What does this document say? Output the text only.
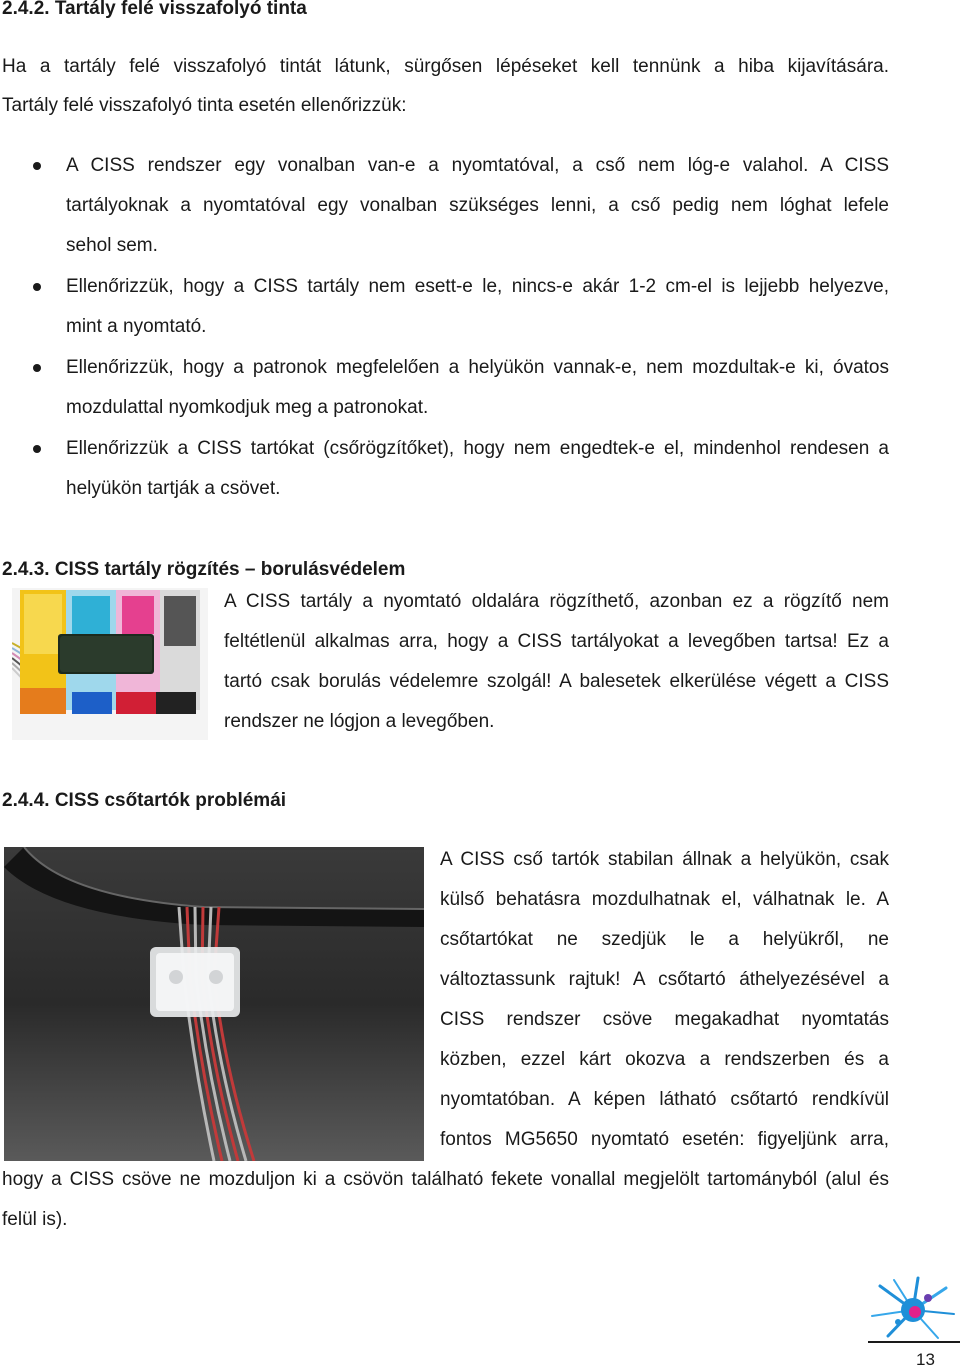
2.4.2. Tartály felé visszafolyó tinta
Ha a tartály felé visszafolyó tintát látunk, sürgősen lépéseket kell tennünk a hiba kijavítására.
Tartály felé visszafolyó tinta esetén ellenőrizzük:
A CISS rendszer egy vonalban van-e a nyomtatóval, a cső nem lóg-e valahol. A CISS
tartályoknak a nyomtatóval egy vonalban szükséges lenni, a cső pedig nem lóghat lefele
sehol sem.
Ellenőrizzük, hogy a CISS tartály nem esett-e le, nincs-e akár 1-2 cm-el is lejjebb helyezve,
mint a nyomtató.
Ellenőrizzük, hogy a patronok megfelelően a helyükön vannak-e, nem mozdultak-e ki, óvatos
mozdulattal nyomkodjuk meg a patronokat.
Ellenőrizzük a CISS tartókat (csőrögzítőket), hogy nem engedtek-e el, mindenhol rendesen a
helyükön tartják a csövet.
2.4.3. CISS tartály rögzítés – borulásvédelem
A CISS tartály a nyomtató oldalára rögzíthető, azonban ez a rögzítő nem
feltétlenül alkalmas arra, hogy a CISS tartályokat a levegőben tartsa! Ez a
tartó csak borulás védelemre szolgál! A balesetek elkerülése végett a CISS
rendszer ne lógjon a levegőben.
2.4.4. CISS csőtartók problémái
A CISS cső tartók stabilan állnak a helyükön, csak
külső behatásra mozdulhatnak el, válhatnak le. A
csőtartókat ne szedjük le a helyükről, ne
változtassunk rajtuk! A csőtartó áthelyezésével a
CISS rendszer csöve megakadhat nyomtatás
közben, ezzel kárt okozva a rendszerben és a
nyomtatóban. A képen látható csőtartó rendkívül
fontos MG5650 nyomtató esetén: figyeljünk arra,
hogy a CISS csöve ne mozduljon ki a csövön található fekete vonallal megjelölt tartományból (alul és
felül is).
13
